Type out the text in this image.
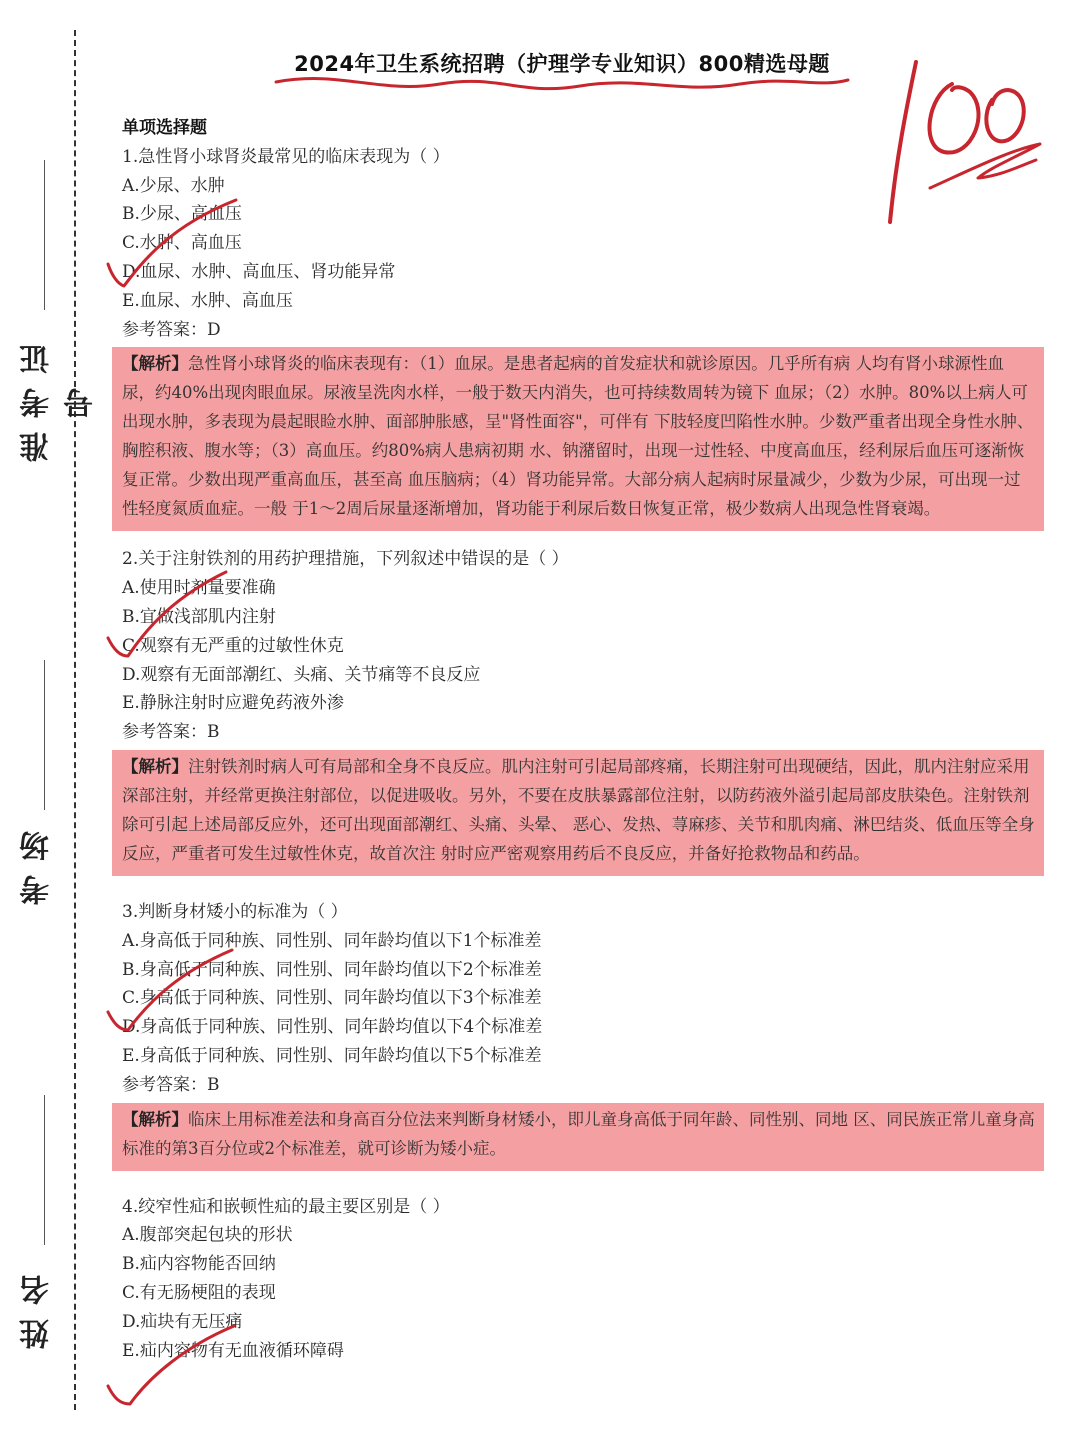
准考证号
考场
姓名
2024年卫生系统招聘（护理学专业知识）800精选母题
单项选择题
1.急性肾小球肾炎最常见的临床表现为（ ）
A.少尿、水肿
B.少尿、高血压
C.水肿、高血压
D.血尿、水肿、高血压、肾功能异常
E.血尿、水肿、高血压
参考答案：D
【解析】急性肾小球肾炎的临床表现有：（1）血尿。是患者起病的首发症状和就诊原因。几乎所有病 人均有肾小球源性血尿，约40%出现肉眼血尿。尿液呈洗肉水样，一般于数天内消失，也可持续数周转为镜下 血尿；（2）水肿。80%以上病人可出现水肿，多表现为晨起眼睑水肿、面部肿胀感，呈"肾性面容"，可伴有 下肢轻度凹陷性水肿。少数严重者出现全身性水肿、胸腔积液、腹水等；（3）高血压。约80%病人患病初期 水、钠潴留时，出现一过性轻、中度高血压，经利尿后血压可逐渐恢复正常。少数出现严重高血压，甚至高 血压脑病；（4）肾功能异常。大部分病人起病时尿量减少，少数为少尿，可出现一过性轻度氮质血症。一般 于1～2周后尿量逐渐增加，肾功能于利尿后数日恢复正常，极少数病人出现急性肾衰竭。
2.关于注射铁剂的用药护理措施，下列叙述中错误的是（ ）
A.使用时剂量要准确
B.宜做浅部肌内注射
C.观察有无严重的过敏性休克
D.观察有无面部潮红、头痛、关节痛等不良反应
E.静脉注射时应避免药液外渗
参考答案：B
【解析】注射铁剂时病人可有局部和全身不良反应。肌内注射可引起局部疼痛，长期注射可出现硬结，因此，肌内注射应采用深部注射，并经常更换注射部位，以促进吸收。另外，不要在皮肤暴露部位注射，以防药液外溢引起局部皮肤染色。注射铁剂除可引起上述局部反应外，还可出现面部潮红、头痛、头晕、 恶心、发热、荨麻疹、关节和肌肉痛、淋巴结炎、低血压等全身反应，严重者可发生过敏性休克，故首次注 射时应严密观察用药后不良反应，并备好抢救物品和药品。
3.判断身材矮小的标准为（ ）
A.身高低于同种族、同性别、同年龄均值以下1个标准差
B.身高低于同种族、同性别、同年龄均值以下2个标准差
C.身高低于同种族、同性别、同年龄均值以下3个标准差
D.身高低于同种族、同性别、同年龄均值以下4个标准差
E.身高低于同种族、同性别、同年龄均值以下5个标准差
参考答案：B
【解析】临床上用标准差法和身高百分位法来判断身材矮小，即儿童身高低于同年龄、同性别、同地 区、同民族正常儿童身高标准的第3百分位或2个标准差，就可诊断为矮小症。
4.绞窄性疝和嵌顿性疝的最主要区别是（ ）
A.腹部突起包块的形状
B.疝内容物能否回纳
C.有无肠梗阻的表现
D.疝块有无压痛
E.疝内容物有无血液循环障碍
